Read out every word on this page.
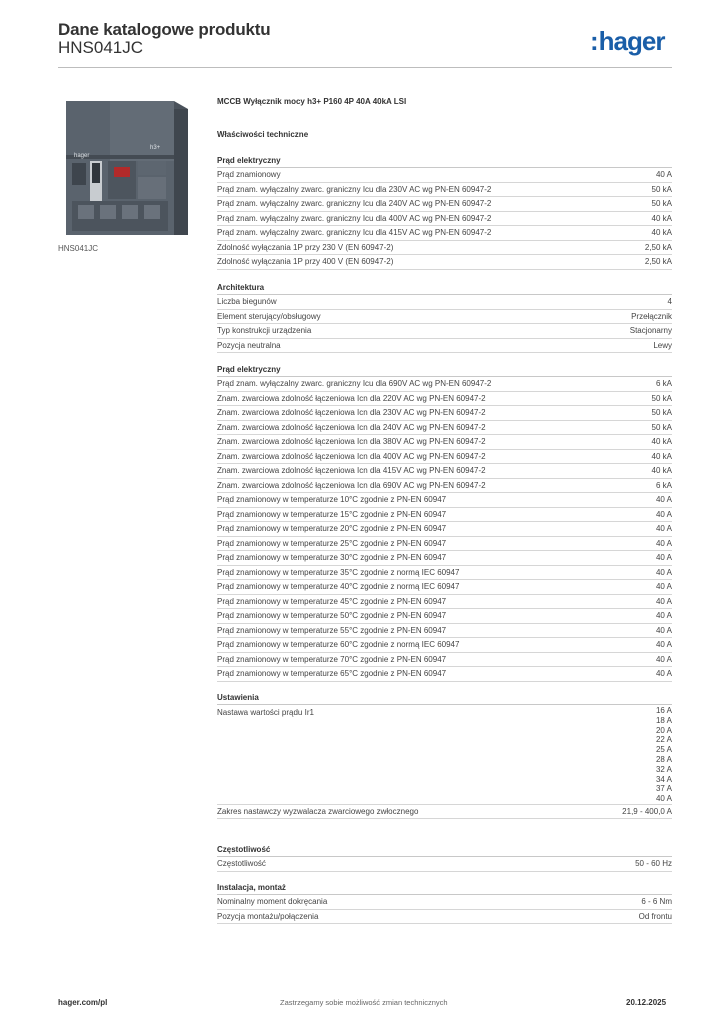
Dane katalogowe produktu
HNS041JC	:hager
hager
h3+
HNS041JC
MCCB Wyłącznik mocy h3+ P160 4P 40A 40kA LSI
Właściwości techniczne
Prąd elektryczny
Prąd znamionowy	40 A
Prąd znam. wyłączalny zwarc. graniczny Icu dla 230V AC wg PN-EN 60947-2	50 kA
Prąd znam. wyłączalny zwarc. graniczny Icu dla 240V AC wg PN-EN 60947-2	50 kA
Prąd znam. wyłączalny zwarc. graniczny Icu dla 400V AC wg PN-EN 60947-2	40 kA
Prąd znam. wyłączalny zwarc. graniczny Icu dla 415V AC wg PN-EN 60947-2	40 kA
Zdolność wyłączania 1P przy 230 V (EN 60947-2)	2,50 kA
Zdolność wyłączania 1P przy 400 V (EN 60947-2)	2,50 kA
Architektura
Liczba biegunów	4
Element sterujący/obsługowy	Przełącznik
Typ konstrukcji urządzenia	Stacjonarny
Pozycja neutralna	Lewy
Prąd elektryczny
Prąd znam. wyłączalny zwarc. graniczny Icu dla 690V AC wg PN-EN 60947-2	6 kA
Znam. zwarciowa zdolność łączeniowa Icn dla 220V AC wg PN-EN 60947-2	50 kA
Znam. zwarciowa zdolność łączeniowa Icn dla 230V AC wg PN-EN 60947-2	50 kA
Znam. zwarciowa zdolność łączeniowa Icn dla 240V AC wg PN-EN 60947-2	50 kA
Znam. zwarciowa zdolność łączeniowa Icn dla 380V AC wg PN-EN 60947-2	40 kA
Znam. zwarciowa zdolność łączeniowa Icn dla 400V AC wg PN-EN 60947-2	40 kA
Znam. zwarciowa zdolność łączeniowa Icn dla 415V AC wg PN-EN 60947-2	40 kA
Znam. zwarciowa zdolność łączeniowa Icn dla 690V AC wg PN-EN 60947-2	6 kA
Prąd znamionowy w temperaturze 10°C zgodnie z PN-EN 60947	40 A
Prąd znamionowy w temperaturze 15°C zgodnie z PN-EN 60947	40 A
Prąd znamionowy w temperaturze 20°C zgodnie z PN-EN 60947	40 A
Prąd znamionowy w temperaturze 25°C zgodnie z PN-EN 60947	40 A
Prąd znamionowy w temperaturze 30°C zgodnie z PN-EN 60947	40 A
Prąd znamionowy w temperaturze 35°C zgodnie z normą IEC 60947	40 A
Prąd znamionowy w temperaturze 40°C zgodnie z normą IEC 60947	40 A
Prąd znamionowy w temperaturze 45°C zgodnie z PN-EN 60947	40 A
Prąd znamionowy w temperaturze 50°C zgodnie z PN-EN 60947	40 A
Prąd znamionowy w temperaturze 55°C zgodnie z PN-EN 60947	40 A
Prąd znamionowy w temperaturze 60°C zgodnie z normą IEC 60947	40 A
Prąd znamionowy w temperaturze 70°C zgodnie z PN-EN 60947	40 A
Prąd znamionowy w temperaturze 65°C zgodnie z PN-EN 60947	40 A
Ustawienia
Nastawa wartości prądu Ir1	16 A
18 A
20 A
22 A
25 A
28 A
32 A
34 A
37 A
40 A
Zakres nastawczy wyzwalacza zwarciowego zwłocznego	21,9 - 400,0 A
Częstotliwość
Częstotliwość	50 - 60 Hz
Instalacja, montaż
Nominalny moment dokręcania	6 - 6 Nm
Pozycja montażu/połączenia	Od frontu
hager.com/pl	Zastrzegamy sobie możliwość zmian technicznych	20.12.2025
